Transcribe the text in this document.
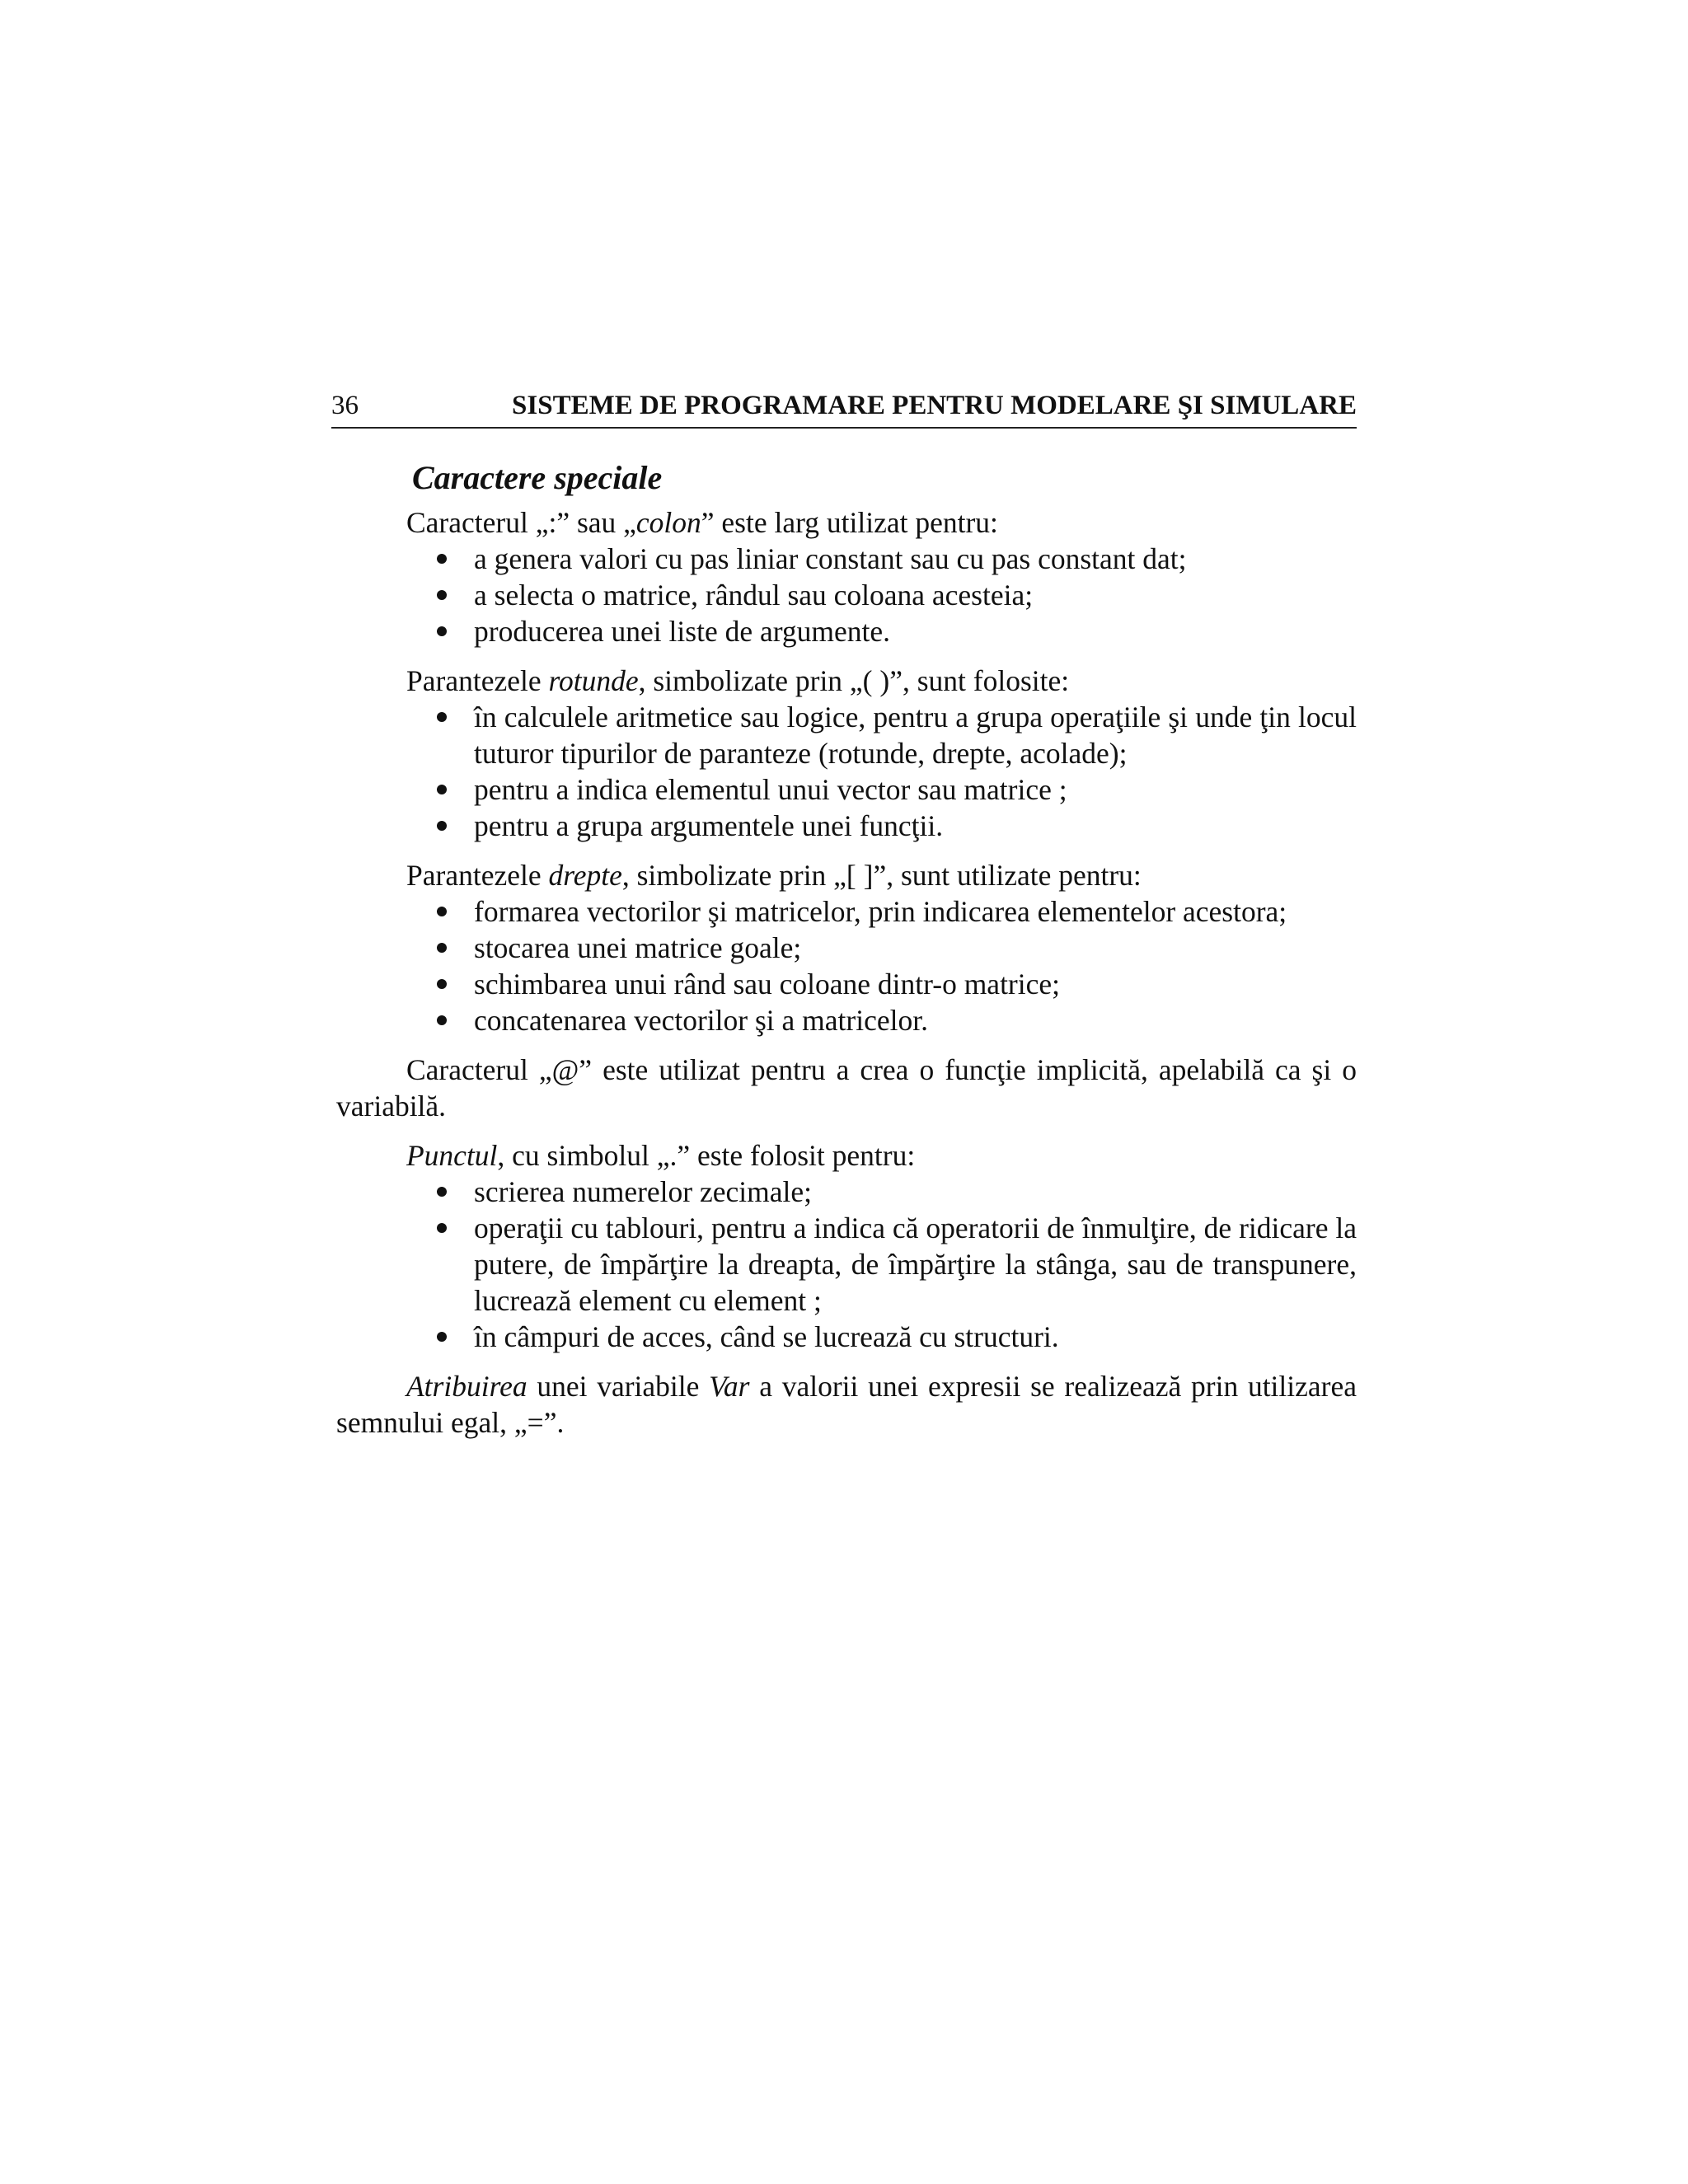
36	SISTEME DE PROGRAMARE PENTRU MODELARE ŞI SIMULARE
Caractere speciale

Caracterul „:” sau „colon” este larg utilizat pentru:

a genera valori cu pas liniar constant sau cu pas constant dat;
a selecta o matrice, rândul sau coloana acesteia;
producerea unei liste de argumente.

Parantezele rotunde, simbolizate prin „( )”, sunt folosite:

în calculele aritmetice sau logice, pentru a grupa operaţiile şi unde ţin locul tuturor tipurilor de paranteze (rotunde, drepte, acolade);
pentru a indica elementul unui vector sau matrice ;
pentru a grupa argumentele unei funcţii.

Parantezele drepte, simbolizate prin „[ ]”, sunt utilizate pentru:

formarea vectorilor şi matricelor, prin indicarea elementelor acestora;
stocarea unei matrice goale;
schimbarea unui rând sau coloane dintr-o matrice;
concatenarea vectorilor şi a matricelor.

Caracterul „@” este utilizat pentru a crea o funcţie implicită, apelabilă ca şi o variabilă.

Punctul, cu simbolul „.” este folosit pentru:

scrierea numerelor zecimale;
operaţii cu tablouri, pentru a indica că operatorii de înmulţire, de ridicare la putere, de împărţire la dreapta, de împărţire la stânga, sau de transpunere, lucrează element cu element ;
în câmpuri de acces, când se lucrează cu structuri.

Atribuirea unei variabile Var a valorii unei expresii se realizează prin utilizarea semnului egal, „=”.
